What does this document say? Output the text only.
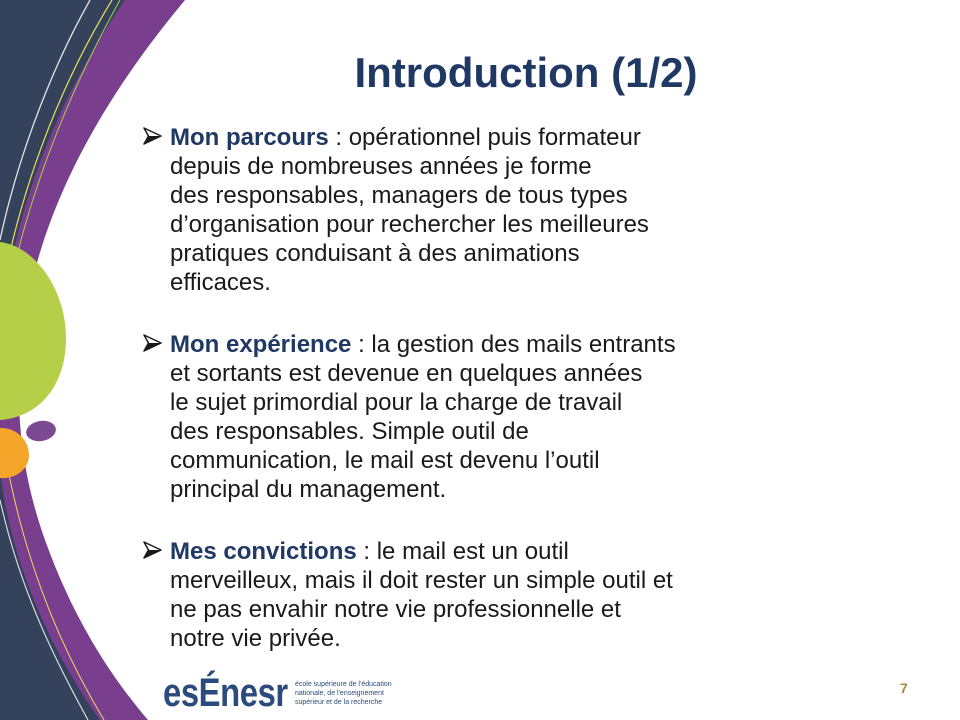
Introduction (1/2)
Mon parcours : opérationnel puis formateur
depuis de nombreuses années je forme
des responsables, managers de tous types
d’organisation pour rechercher les meilleures
pratiques conduisant à des animations
efficaces.
Mon expérience : la gestion des mails entrants
et sortants est devenue en quelques années
le sujet primordial pour la charge de travail
des responsables. Simple outil de
communication, le mail est devenu l’outil
principal du management.
Mes convictions : le mail est un outil
merveilleux, mais il doit rester un simple outil et
ne pas envahir notre vie professionnelle et
notre vie privée.
esÉnesr école supérieure de l'éducation
nationale, de l'enseignement
supérieur et de la recherche
7
